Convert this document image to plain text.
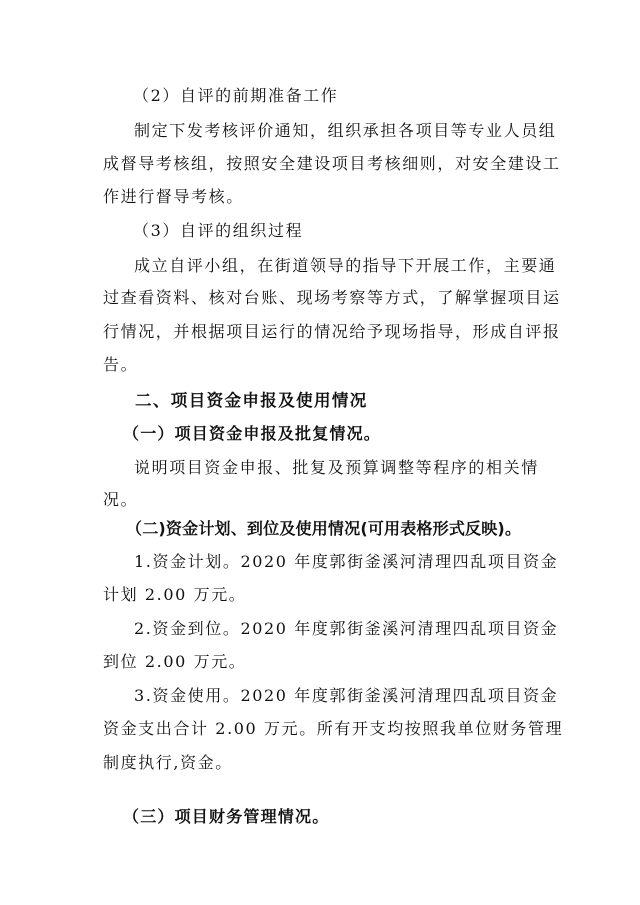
（2）自评的前期准备工作
制定下发考核评价通知，组织承担各项目等专业人员组
成督导考核组，按照安全建设项目考核细则，对安全建设工
作进行督导考核。
（3）自评的组织过程
成立自评小组，在街道领导的指导下开展工作，主要通
过查看资料、核对台账、现场考察等方式，了解掌握项目运
行情况，并根据项目运行的情况给予现场指导，形成自评报
告。
二、项目资金申报及使用情况
（一）项目资金申报及批复情况。
说明项目资金申报、批复及预算调整等程序的相关情
况。
（二)资金计划、到位及使用情况(可用表格形式反映)。
1.资金计划。2020 年度郭街釜溪河清理四乱项目资金
计划 2.00 万元。
2.资金到位。2020 年度郭街釜溪河清理四乱项目资金
到位 2.00 万元。
3.资金使用。2020 年度郭街釜溪河清理四乱项目资金
资金支出合计 2.00 万元。所有开支均按照我单位财务管理
制度执行,资金。
（三）项目财务管理情况。
